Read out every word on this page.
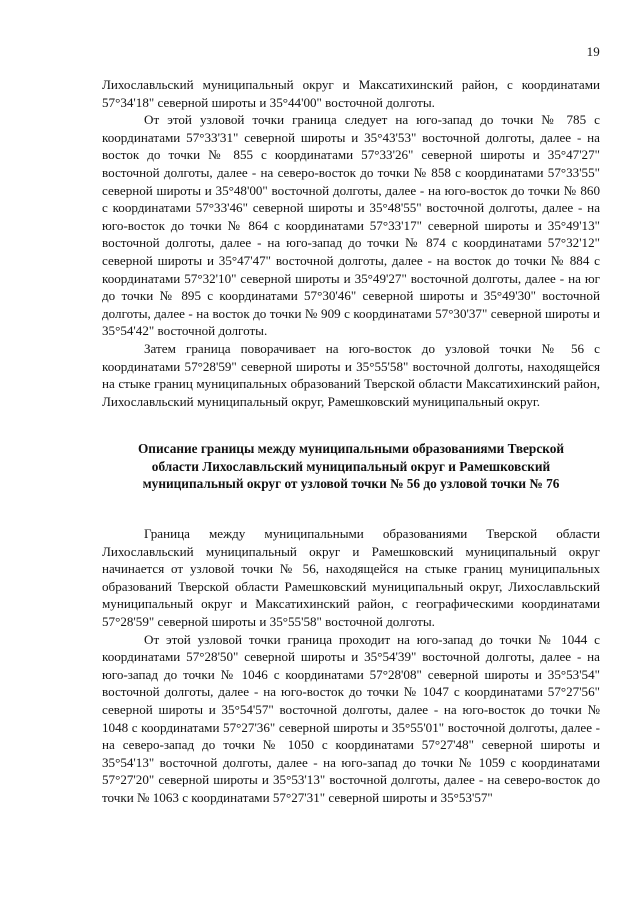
19

Лихославльский муниципальный округ и Максатихинский район, с координатами 57°34'18" северной широты и 35°44'00" восточной долготы.

От этой узловой точки граница следует на юго-запад до точки № 785 с координатами 57°33'31" северной широты и 35°43'53" восточной долготы, далее - на восток до точки № 855 с координатами 57°33'26" северной широты и 35°47'27" восточной долготы, далее - на северо-восток до точки № 858 с координатами 57°33'55" северной широты и 35°48'00" восточной долготы, далее - на юго-восток до точки № 860 с координатами 57°33'46" северной широты и 35°48'55" восточной долготы, далее - на юго-восток до точки № 864 с координатами 57°33'17" северной широты и 35°49'13" восточной долготы, далее - на юго-запад до точки № 874 с координатами 57°32'12" северной широты и 35°47'47" восточной долготы, далее - на восток до точки № 884 с координатами 57°32'10" северной широты и 35°49'27" восточной долготы, далее - на юг до точки № 895 с координатами 57°30'46" северной широты и 35°49'30" восточной долготы, далее - на восток до точки № 909 с координатами 57°30'37" северной широты и 35°54'42" восточной долготы.

Затем граница поворачивает на юго-восток до узловой точки № 56 с координатами 57°28'59" северной широты и 35°55'58" восточной долготы, находящейся на стыке границ муниципальных образований Тверской области Максатихинский район, Лихославльский муниципальный округ, Рамешковский муниципальный округ.

Описание границы между муниципальными образованиями Тверской
области Лихославльский муниципальный округ и Рамешковский
муниципальный округ от узловой точки № 56 до узловой точки № 76

Граница между муниципальными образованиями Тверской области Лихославльский муниципальный округ и Рамешковский муниципальный округ начинается от узловой точки № 56, находящейся на стыке границ муниципальных образований Тверской области Рамешковский муниципальный округ, Лихославльский муниципальный округ и Максатихинский район, с географическими координатами 57°28'59" северной широты и 35°55'58" восточной долготы.

От этой узловой точки граница проходит на юго-запад до точки № 1044 с координатами 57°28'50" северной широты и 35°54'39" восточной долготы, далее - на юго-запад до точки № 1046 с координатами 57°28'08" северной широты и 35°53'54" восточной долготы, далее - на юго-восток до точки № 1047 с координатами 57°27'56" северной широты и 35°54'57" восточной долготы, далее - на юго-восток до точки № 1048 с координатами 57°27'36" северной широты и 35°55'01" восточной долготы, далее - на северо-запад до точки № 1050 с координатами 57°27'48" северной широты и 35°54'13" восточной долготы, далее - на юго-запад до точки № 1059 с координатами 57°27'20" северной широты и 35°53'13" восточной долготы, далее - на северо-восток до точки № 1063 с координатами 57°27'31" северной широты и 35°53'57"
